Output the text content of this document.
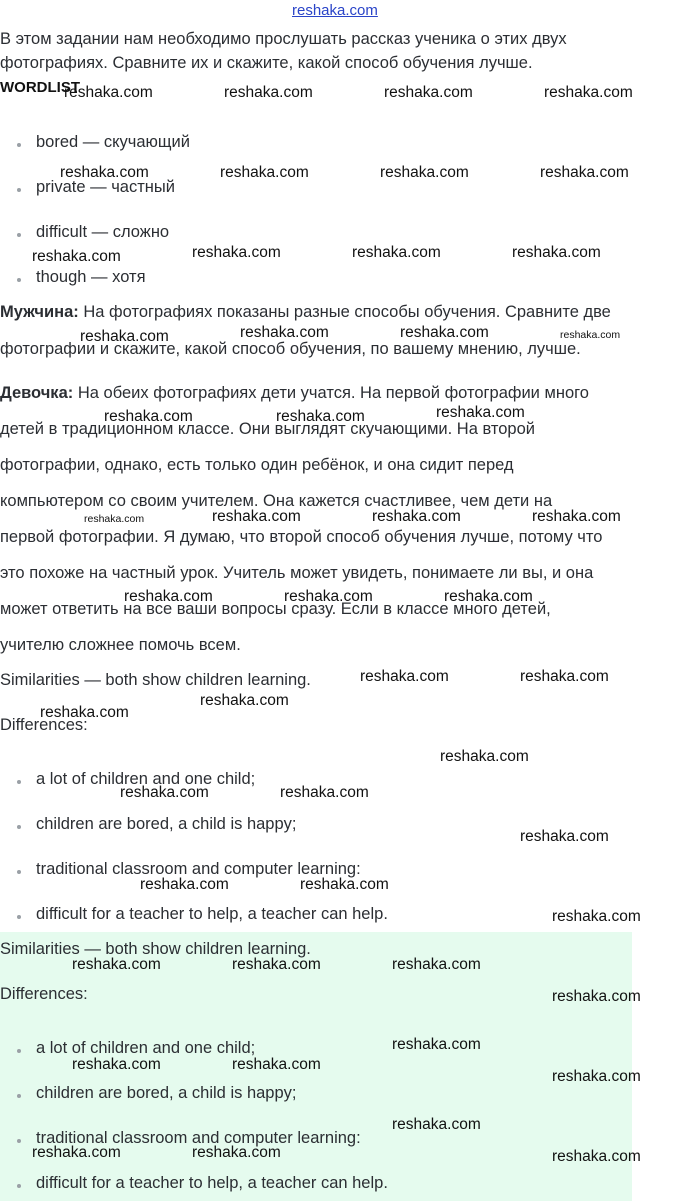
reshaka.com
В этом задании нам необходимо прослушать рассказ ученика о этих двух
фотографиях. Сравните их и скажите, какой способ обучения лучше.
WORDLIST
bored — скучающий
private — частный
difficult — сложно
though — хотя
Мужчина: На фотографиях показаны разные способы обучения. Сравните две
фотографии и скажите, какой способ обучения, по вашему мнению, лучше.
Девочка: На обеих фотографиях дети учатся. На первой фотографии много
детей в традиционном классе. Они выглядят скучающими. На второй
фотографии, однако, есть только один ребёнок, и она сидит перед
компьютером со своим учителем. Она кажется счастливее, чем дети на
первой фотографии. Я думаю, что второй способ обучения лучше, потому что
это похоже на частный урок. Учитель может увидеть, понимаете ли вы, и она
может ответить на все ваши вопросы сразу. Если в классе много детей,
учителю сложнее помочь всем.
Similarities — both show children learning.
Differences:
a lot of children and one child;
children are bored, a child is happy;
traditional classroom and computer learning:
difficult for a teacher to help, a teacher can help.
Similarities — both show children learning.
Differences:
a lot of children and one child;
children are bored, a child is happy;
traditional classroom and computer learning:
difficult for a teacher to help, a teacher can help.
reshaka.com	reshaka.com	reshaka.com	reshaka.com
reshaka.com	reshaka.com	reshaka.com	reshaka.com
reshaka.com	reshaka.com	reshaka.com	reshaka.com
reshaka.com	reshaka.com	reshaka.com	reshaka.com
reshaka.com	reshaka.com	reshaka.com
reshaka.com	reshaka.com	reshaka.com	reshaka.com
reshaka.com	reshaka.com	reshaka.com
reshaka.com	reshaka.com
reshaka.com
reshaka.com
reshaka.com
reshaka.com	reshaka.com
reshaka.com
reshaka.com	reshaka.com
reshaka.com
reshaka.com	reshaka.com	reshaka.com
reshaka.com
reshaka.com
reshaka.com	reshaka.com
reshaka.com
reshaka.com
reshaka.com	reshaka.com	reshaka.com
